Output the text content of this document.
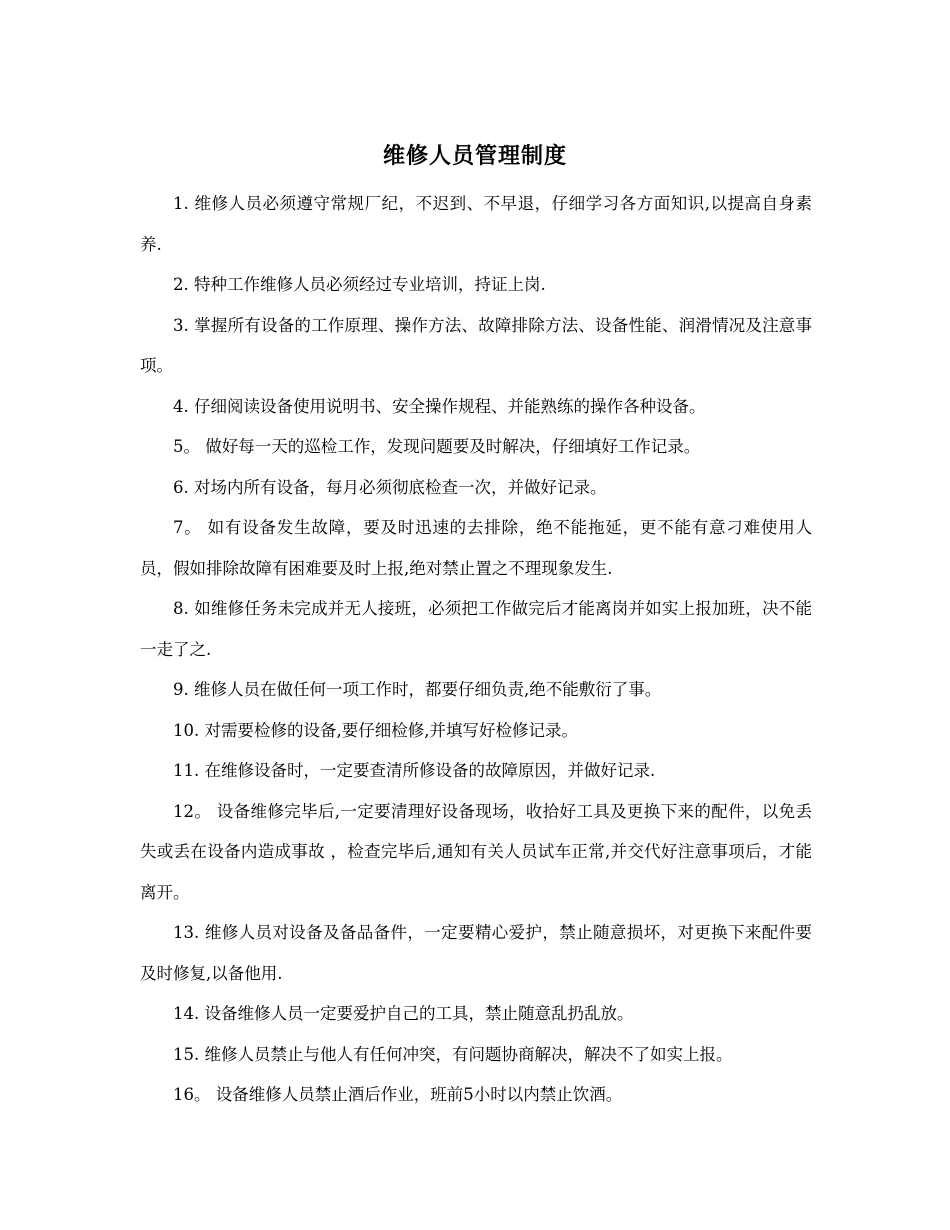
维修人员管理制度

1. 维修人员必须遵守常规厂纪，不迟到、不早退，仔细学习各方面知识,以提高自身素养.

2. 特种工作维修人员必须经过专业培训，持证上岗.

3. 掌握所有设备的工作原理、操作方法、故障排除方法、设备性能、润滑情况及注意事项。

4. 仔细阅读设备使用说明书、安全操作规程、并能熟练的操作各种设备。

5。 做好每一天的巡检工作，发现问题要及时解决，仔细填好工作记录。

6. 对场内所有设备，每月必须彻底检查一次，并做好记录。

7。 如有设备发生故障，要及时迅速的去排除，绝不能拖延，更不能有意刁难使用人员，假如排除故障有困难要及时上报,绝对禁止置之不理现象发生.

8. 如维修任务未完成并无人接班，必须把工作做完后才能离岗并如实上报加班，决不能一走了之.

9. 维修人员在做任何一项工作时，都要仔细负责,绝不能敷衍了事。

10. 对需要检修的设备,要仔细检修,并填写好检修记录。

11. 在维修设备时，一定要查清所修设备的故障原因，并做好记录.

12。 设备维修完毕后,一定要清理好设备现场，收拾好工具及更换下来的配件，以免丢失或丢在设备内造成事故 ，检查完毕后,通知有关人员试车正常,并交代好注意事项后，才能离开。

13. 维修人员对设备及备品备件，一定要精心爱护，禁止随意损坏，对更换下来配件要及时修复,以备他用.

14. 设备维修人员一定要爱护自己的工具，禁止随意乱扔乱放。

15. 维修人员禁止与他人有任何冲突，有问题协商解决，解决不了如实上报。

16。 设备维修人员禁止酒后作业，班前5小时以内禁止饮酒。
